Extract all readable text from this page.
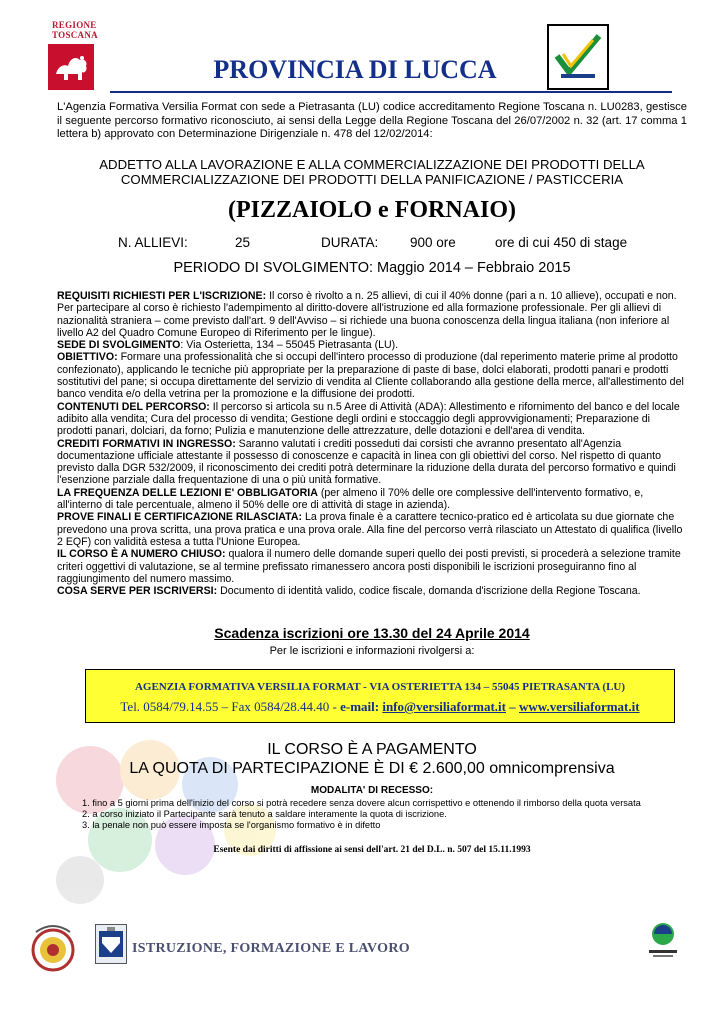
REGIONE
TOSCANA
PROVINCIA DI LUCCA
L'Agenzia Formativa Versilia Format con sede a Pietrasanta (LU) codice accreditamento Regione Toscana n. LU0283, gestisce il seguente percorso formativo riconosciuto, ai sensi della Legge della Regione Toscana del 26/07/2002 n. 32 (art. 17 comma 1 lettera b) approvato con Determinazione Dirigenziale n. 478 del 12/02/2014:
ADDETTO ALLA LAVORAZIONE E ALLA COMMERCIALIZZAZIONE DEI PRODOTTI DELLA
COMMERCIALIZZAZIONE DEI PRODOTTI DELLA PANIFICAZIONE / PASTICCERIA
(PIZZAIOLO e FORNAIO)
N. ALLIEVI:	25	DURATA: 900 ore	ore di cui 450 di stage
PERIODO DI SVOLGIMENTO: Maggio 2014 – Febbraio 2015

REQUISITI RICHIESTI PER L'ISCRIZIONE: Il corso è rivolto a n. 25 allievi, di cui il 40% donne (pari a n. 10 allieve), occupati e non. Per partecipare al corso è richiesto l'adempimento al diritto-dovere all'istruzione ed alla formazione professionale. Per gli allievi di nazionalità straniera – come previsto dall'art. 9 dell'Avviso – si richiede una buona conoscenza della lingua italiana (non inferiore al livello A2 del Quadro Comune Europeo di Riferimento per le lingue).

SEDE DI SVOLGIMENTO: Via Osterietta, 134 – 55045 Pietrasanta (LU).

OBIETTIVO: Formare una professionalità che si occupi dell'intero processo di produzione (dal reperimento materie prime al prodotto confezionato), applicando le tecniche più appropriate per la preparazione di paste di base, dolci elaborati, prodotti panari e prodotti sostitutivi del pane; si occupa direttamente del servizio di vendita al Cliente collaborando alla gestione della merce, all'allestimento del banco vendita e/o della vetrina per la promozione e la diffusione dei prodotti.

CONTENUTI DEL PERCORSO: Il percorso si articola su n.5 Aree di Attività (ADA): Allestimento e rifornimento del banco e del locale adibito alla vendita; Cura del processo di vendita; Gestione degli ordini e stoccaggio degli approvvigionamenti; Preparazione di prodotti panari, dolciari, da forno; Pulizia e manutenzione delle attrezzature, delle dotazioni e dell'area di vendita.

CREDITI FORMATIVI IN INGRESSO: Saranno valutati i crediti posseduti dai corsisti che avranno presentato all'Agenzia documentazione ufficiale attestante il possesso di conoscenze e capacità in linea con gli obiettivi del corso. Nel rispetto di quanto previsto dalla DGR 532/2009, il riconoscimento dei crediti potrà determinare la riduzione della durata del percorso formativo e quindi l'esenzione parziale dalla frequentazione di una o più unità formative.

LA FREQUENZA DELLE LEZIONI E' OBBLIGATORIA (per almeno il 70% delle ore complessive dell'intervento formativo, e, all'interno di tale percentuale, almeno il 50% delle ore di attività di stage in azienda).

PROVE FINALI E CERTIFICAZIONE RILASCIATA: La prova finale è a carattere tecnico-pratico ed è articolata su due giornate che prevedono una prova scritta, una prova pratica e una prova orale. Alla fine del percorso verrà rilasciato un Attestato di qualifica (livello 2 EQF) con validità estesa a tutta l'Unione Europea.

IL CORSO È A NUMERO CHIUSO: qualora il numero delle domande superi quello dei posti previsti, si procederà a selezione tramite criteri oggettivi di valutazione, se al termine prefissato rimanessero ancora posti disponibili le iscrizioni proseguiranno fino al raggiungimento del numero massimo.

COSA SERVE PER ISCRIVERSI: Documento di identità valido, codice fiscale, domanda d'iscrizione della Regione Toscana.

Scadenza iscrizioni ore 13.30 del 24 Aprile 2014
Per le iscrizioni e informazioni rivolgersi a:
AGENZIA FORMATIVA VERSILIA FORMAT - VIA OSTERIETTA 134 – 55045 PIETRASANTA (LU)
Tel. 0584/79.14.55 – Fax 0584/28.44.40 - e-mail: info@versiliaformat.it – www.versiliaformat.it
IL CORSO È A PAGAMENTO
LA QUOTA DI PARTECIPAZIONE È DI € 2.600,00 omnicomprensiva
MODALITA' DI RECESSO:

1. fino a 5 giorni prima dell'inizio del corso si potrà recedere senza dovere alcun corrispettivo e ottenendo il rimborso della quota versata

2. a corso iniziato il Partecipante sarà tenuto a saldare interamente la quota di iscrizione.

3. la penale non può essere imposta se l'organismo formativo è in difetto

Esente dai diritti di affissione ai sensi dell'art. 21 del D.L. n. 507 del 15.11.1993
ISTRUZIONE, FORMAZIONE E LAVORO
